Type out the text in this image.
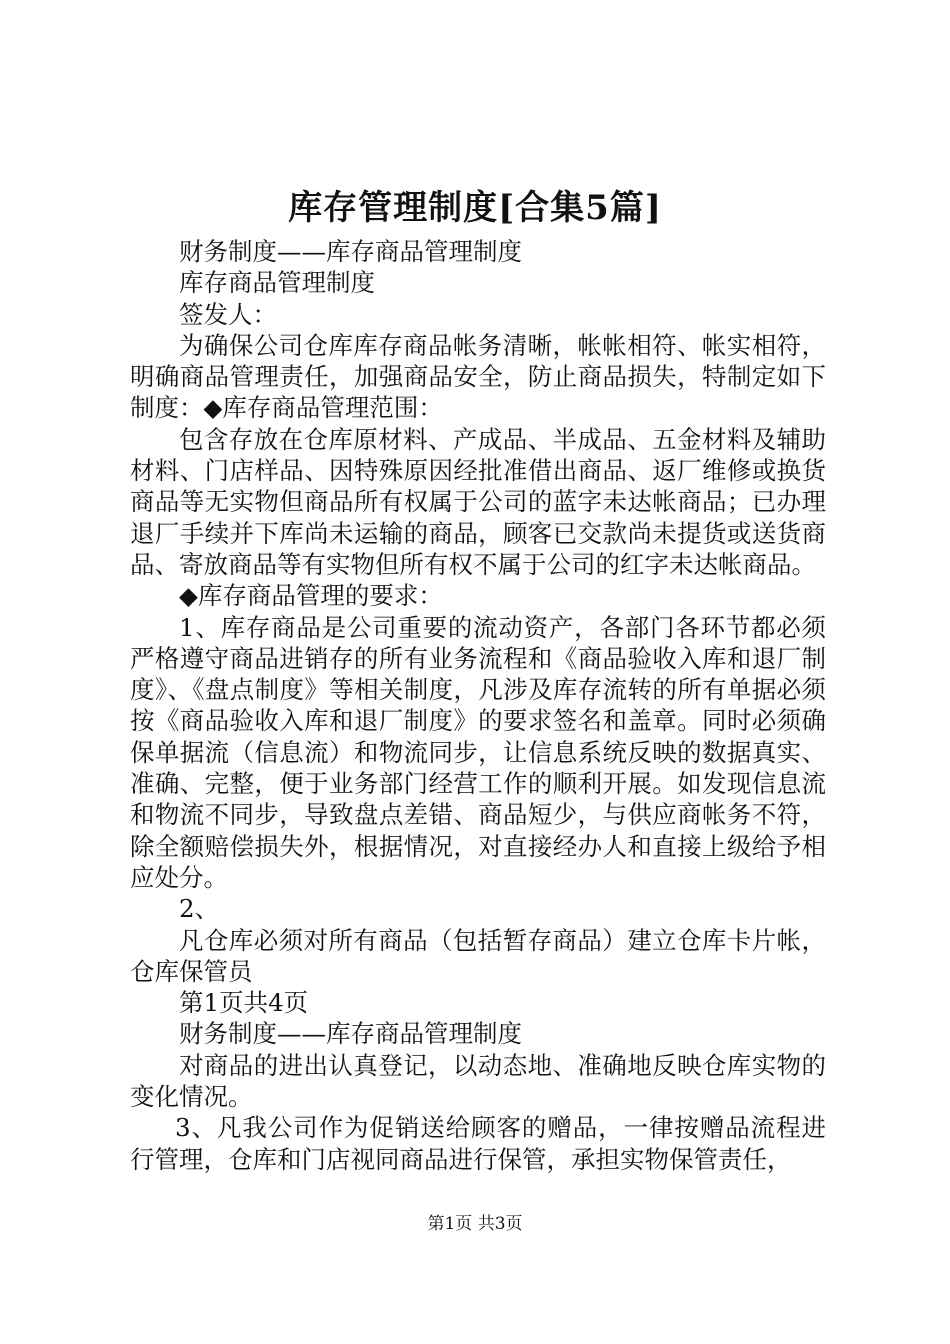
库存管理制度[合集5篇]

财务制度——库存商品管理制度

库存商品管理制度

签发人：

为确保公司仓库库存商品帐务清晰，帐帐相符、帐实相符，明确商品管理责任，加强商品安全，防止商品损失，特制定如下制度：◆库存商品管理范围：

包含存放在仓库原材料、产成品、半成品、五金材料及辅助材料、门店样品、因特殊原因经批准借出商品、返厂维修或换货商品等无实物但商品所有权属于公司的蓝字未达帐商品；已办理退厂手续并下库尚未运输的商品，顾客已交款尚未提货或送货商品、寄放商品等有实物但所有权不属于公司的红字未达帐商品。

◆库存商品管理的要求：

1、库存商品是公司重要的流动资产，各部门各环节都必须严格遵守商品进销存的所有业务流程和《商品验收入库和退厂制度》、《盘点制度》等相关制度，凡涉及库存流转的所有单据必须按《商品验收入库和退厂制度》的要求签名和盖章。同时必须确保单据流（信息流）和物流同步，让信息系统反映的数据真实、准确、完整，便于业务部门经营工作的顺利开展。如发现信息流和物流不同步，导致盘点差错、商品短少，与供应商帐务不符，除全额赔偿损失外，根据情况，对直接经办人和直接上级给予相应处分。

2、

凡仓库必须对所有商品（包括暂存商品）建立仓库卡片帐，仓库保管员

第1页共4页

财务制度——库存商品管理制度

对商品的进出认真登记，以动态地、准确地反映仓库实物的变化情况。

3、凡我公司作为促销送给顾客的赠品，一律按赠品流程进行管理，仓库和门店视同商品进行保管，承担实物保管责任，

第1页 共3页
